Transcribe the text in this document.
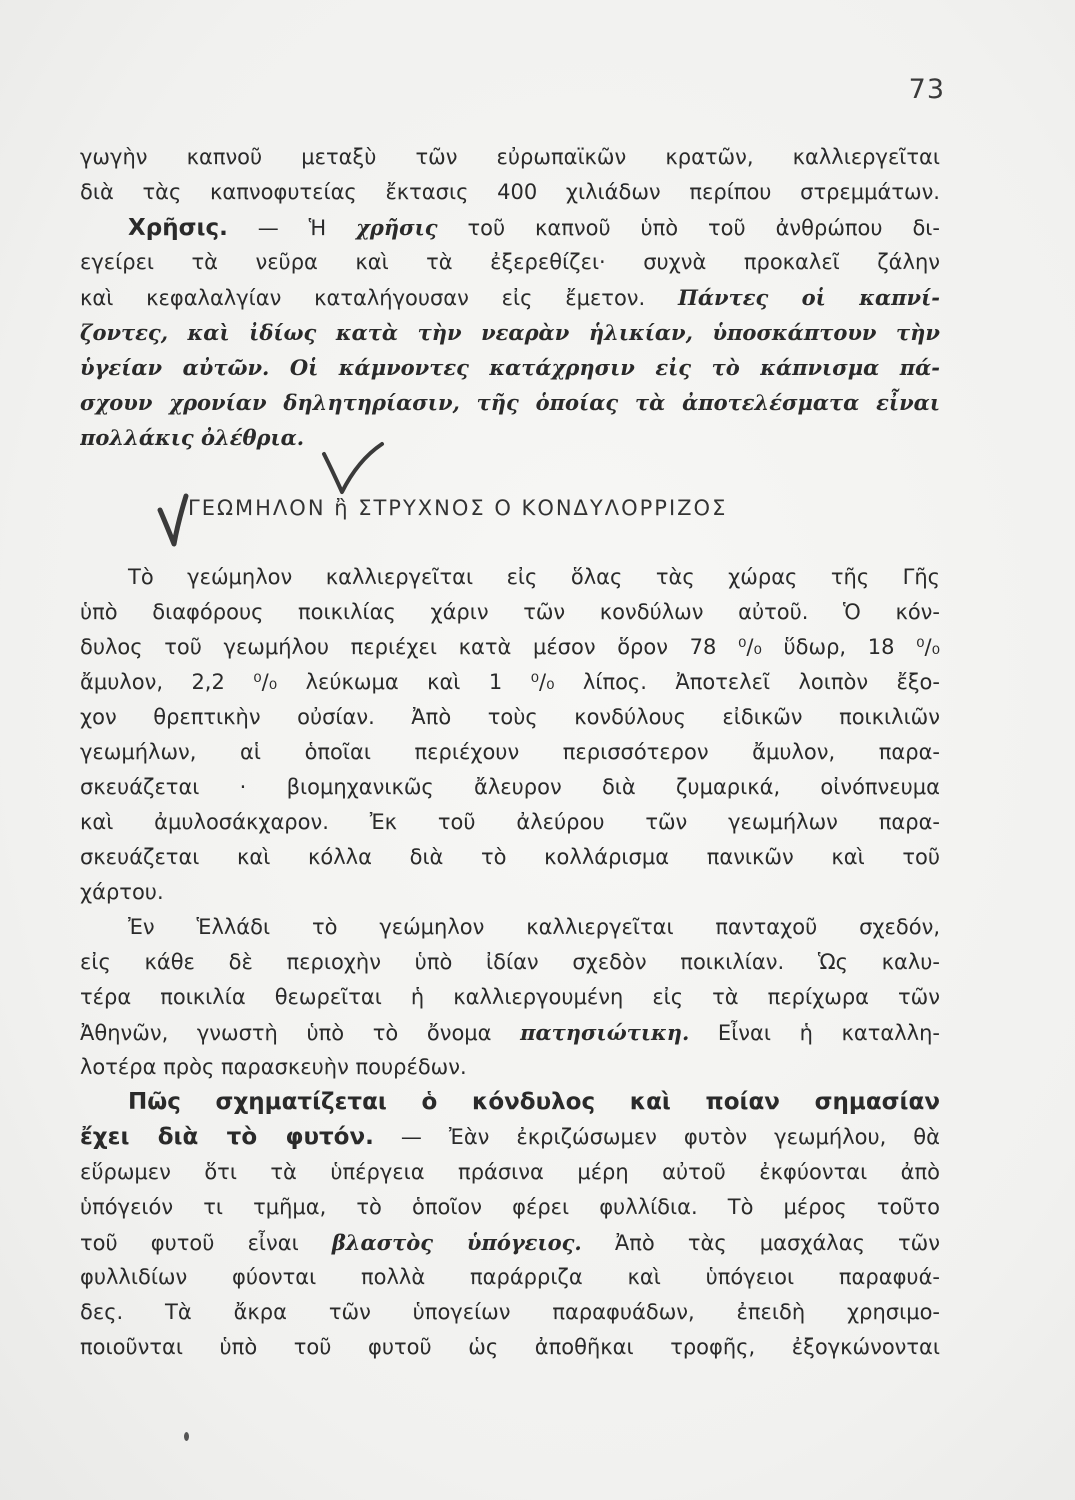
73
γωγὴν καπνοῦ μεταξὺ τῶν εὐρωπαϊκῶν κρατῶν, καλλιεργεῖται
διὰ τὰς καπνοφυτείας ἔκτασις 400 χιλιάδων περίπου στρεμμάτων.
Χρῆσις. — Ἡ χρῆσις τοῦ καπνοῦ ὑπὸ τοῦ ἀνθρώπου δι-
εγείρει τὰ νεῦρα καὶ τὰ ἐξερεθίζει· συχνὰ προκαλεῖ ζάλην
καὶ κεφαλαλγίαν καταλήγουσαν εἰς ἔμετον. Πάντες οἱ καπνί-
ζοντες, καὶ ἰδίως κατὰ τὴν νεαρὰν ἡλικίαν, ὑποσκάπτουν τὴν
ὑγείαν αὐτῶν. Οἱ κάμνοντες κατάχρησιν εἰς τὸ κάπνισμα πά-
σχουν χρονίαν δηλητηρίασιν, τῆς ὁποίας τὰ ἀποτελέσματα εἶναι
πολλάκις ὀλέθρια.
ΓΕΩΜΗΛΟΝ ἢ ΣΤΡΥΧΝΟΣ Ο ΚΟΝΔΥΛΟΡΡΙΖΟΣ
Τὸ γεώμηλον καλλιεργεῖται εἰς ὅλας τὰς χώρας τῆς Γῆς
ὑπὸ διαφόρους ποικιλίας χάριν τῶν κονδύλων αὐτοῦ. Ὁ κόν-
δυλος τοῦ γεωμήλου περιέχει κατὰ μέσον ὅρον 78 ⁰/₀ ὕδωρ, 18 ⁰/₀
ἄμυλον, 2,2 ⁰/₀ λεύκωμα καὶ 1 ⁰/₀ λίπος. Ἀποτελεῖ λοιπὸν ἔξο-
χον θρεπτικὴν οὐσίαν. Ἀπὸ τοὺς κονδύλους εἰδικῶν ποικιλιῶν
γεωμήλων, αἱ ὁποῖαι περιέχουν περισσότερον ἄμυλον, παρα-
σκευάζεται · βιομηχανικῶς ἄλευρον διὰ ζυμαρικά, οἰνόπνευμα
καὶ ἀμυλοσάκχαρον. Ἐκ τοῦ ἀλεύρου τῶν γεωμήλων παρα-
σκευάζεται καὶ κόλλα διὰ τὸ κολλάρισμα πανικῶν καὶ τοῦ
χάρτου.
Ἐν Ἑλλάδι τὸ γεώμηλον καλλιεργεῖται πανταχοῦ σχεδόν,
εἰς κάθε δὲ περιοχὴν ὑπὸ ἰδίαν σχεδὸν ποικιλίαν. Ὡς καλυ-
τέρα ποικιλία θεωρεῖται ἡ καλλιεργουμένη εἰς τὰ περίχωρα τῶν
Ἀθηνῶν, γνωστὴ ὑπὸ τὸ ὄνομα πατησιώτικη. Εἶναι ἡ καταλλη-
λοτέρα πρὸς παρασκευὴν πουρέδων.
Πῶς σχηματίζεται ὁ κόνδυλος καὶ ποίαν σημασίαν
ἔχει διὰ τὸ φυτόν. — Ἐὰν ἐκριζώσωμεν φυτὸν γεωμήλου, θὰ
εὕρωμεν ὅτι τὰ ὑπέργεια πράσινα μέρη αὐτοῦ ἐκφύονται ἀπὸ
ὑπόγειόν τι τμῆμα, τὸ ὁποῖον φέρει φυλλίδια. Τὸ μέρος τοῦτο
τοῦ φυτοῦ εἶναι βλαστὸς ὑπόγειος. Ἀπὸ τὰς μασχάλας τῶν
φυλλιδίων φύονται πολλὰ παράρριζα καὶ ὑπόγειοι παραφυά-
δες. Τὰ ἄκρα τῶν ὑπογείων παραφυάδων, ἐπειδὴ χρησιμο-
ποιοῦνται ὑπὸ τοῦ φυτοῦ ὡς ἀποθῆκαι τροφῆς, ἐξογκώνονται
